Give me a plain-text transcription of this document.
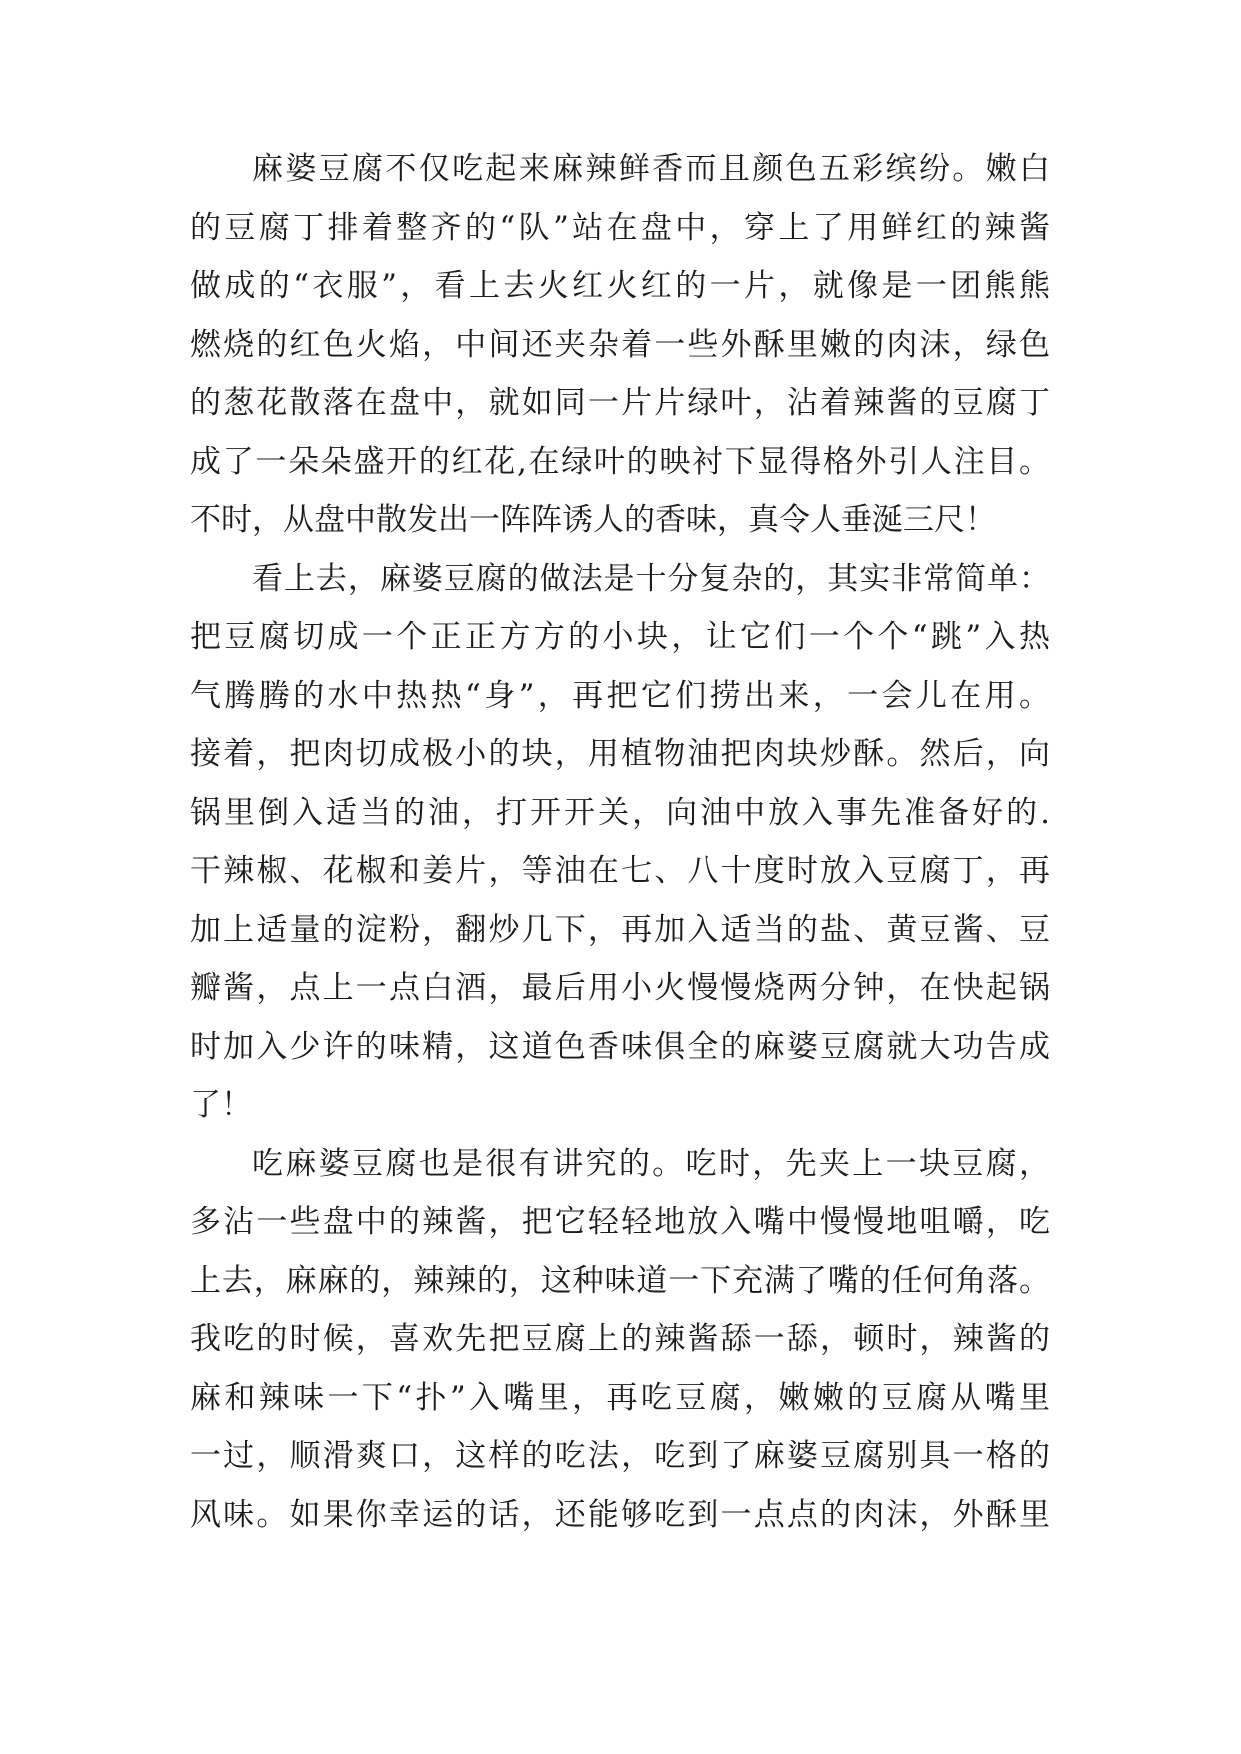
麻婆豆腐不仅吃起来麻辣鲜香而且颜色五彩缤纷。嫩白
的豆腐丁排着整齐的“队”站在盘中，穿上了用鲜红的辣酱
做成的“衣服”，看上去火红火红的一片，就像是一团熊熊
燃烧的红色火焰，中间还夹杂着一些外酥里嫩的肉沫，绿色
的葱花散落在盘中，就如同一片片绿叶，沾着辣酱的豆腐丁
成了一朵朵盛开的红花,在绿叶的映衬下显得格外引人注目。
不时，从盘中散发出一阵阵诱人的香味，真令人垂涎三尺！
看上去，麻婆豆腐的做法是十分复杂的，其实非常简单：
把豆腐切成一个正正方方的小块，让它们一个个“跳”入热
气腾腾的水中热热“身”，再把它们捞出来，一会儿在用。
接着，把肉切成极小的块，用植物油把肉块炒酥。然后，向
锅里倒入适当的油，打开开关，向油中放入事先准备好的.
干辣椒、花椒和姜片，等油在七、八十度时放入豆腐丁，再
加上适量的淀粉，翻炒几下，再加入适当的盐、黄豆酱、豆
瓣酱，点上一点白酒，最后用小火慢慢烧两分钟，在快起锅
时加入少许的味精，这道色香味俱全的麻婆豆腐就大功告成
了！
吃麻婆豆腐也是很有讲究的。吃时，先夹上一块豆腐，
多沾一些盘中的辣酱，把它轻轻地放入嘴中慢慢地咀嚼，吃
上去，麻麻的，辣辣的，这种味道一下充满了嘴的任何角落。
我吃的时候，喜欢先把豆腐上的辣酱舔一舔，顿时，辣酱的
麻和辣味一下“扑”入嘴里，再吃豆腐，嫩嫩的豆腐从嘴里
一过，顺滑爽口，这样的吃法，吃到了麻婆豆腐别具一格的
风味。如果你幸运的话，还能够吃到一点点的肉沫，外酥里
